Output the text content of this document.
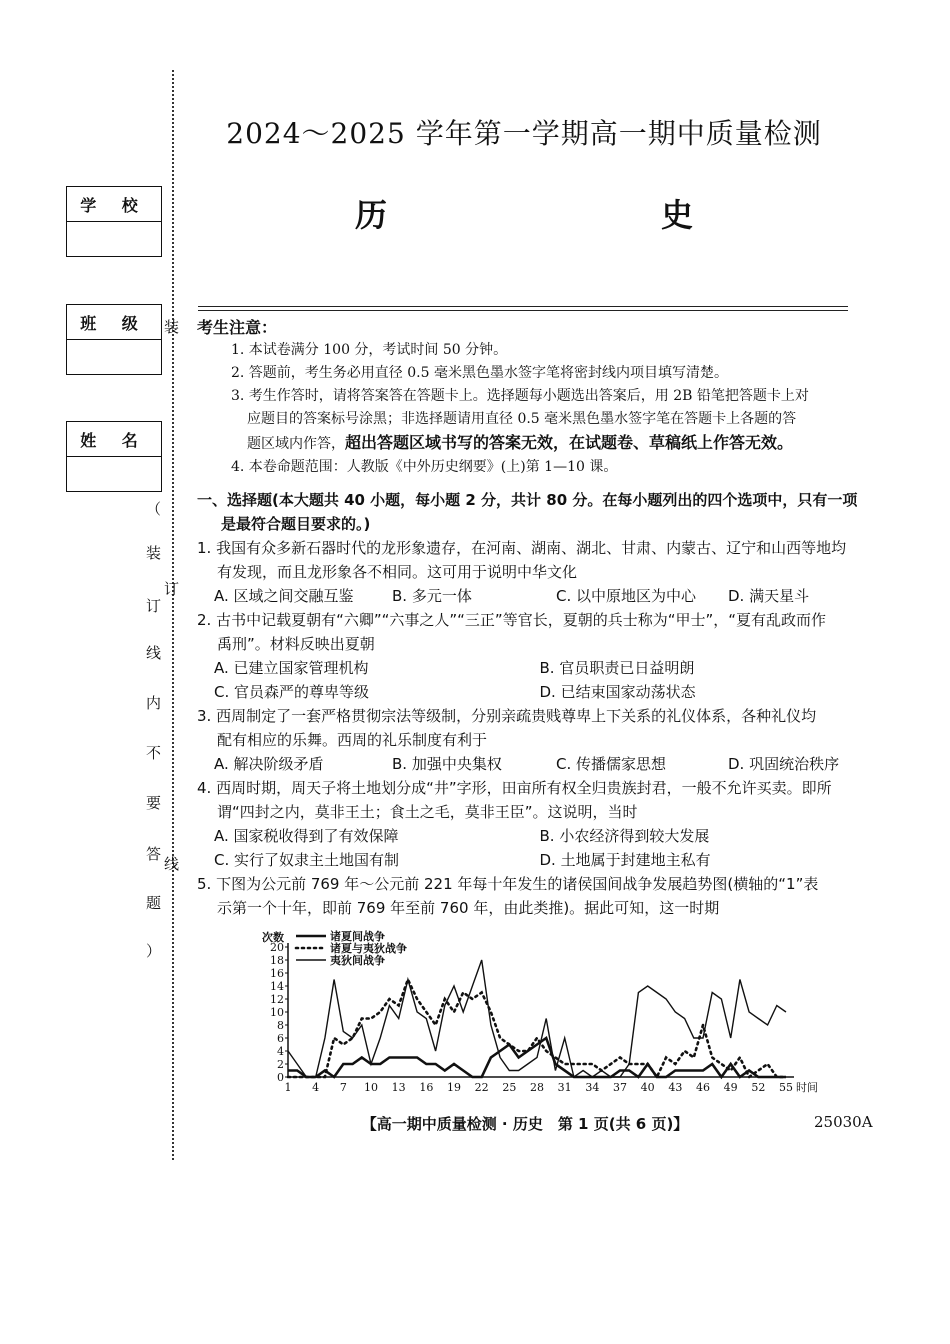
学 校
班 级
姓 名
装
订
线
（
装
订
线
内
不
要
答
题
）
2024～2025 学年第一学期高一期中质量检测
历　　史
考生注意：

1. 本试卷满分 100 分，考试时间 50 分钟。

2. 答题前，考生务必用直径 0.5 毫米黑色墨水签字笔将密封线内项目填写清楚。

3. 考生作答时，请将答案答在答题卡上。选择题每小题选出答案后，用 2B 铅笔把答题卡上对

应题目的答案标号涂黑；非选择题请用直径 0.5 毫米黑色墨水签字笔在答题卡上各题的答

题区域内作答，超出答题区域书写的答案无效，在试题卷、草稿纸上作答无效。

4. 本卷命题范围：人教版《中外历史纲要》(上)第 1—10 课。

一、选择题(本大题共 40 小题，每小题 2 分，共计 80 分。在每小题列出的四个选项中，只有一项

是最符合题目要求的。)

1. 我国有众多新石器时代的龙形象遗存，在河南、湖南、湖北、甘肃、内蒙古、辽宁和山西等地均

有发现，而且龙形象各不相同。这可用于说明中华文化

A. 区域之间交融互鉴	B. 多元一体	C. 以中原地区为中心	D. 满天星斗

2. 古书中记载夏朝有“六卿”“六事之人”“三正”等官长，夏朝的兵士称为“甲士”，“夏有乱政而作

禹刑”。材料反映出夏朝

A. 已建立国家管理机构	B. 官员职责已日益明朗
C. 官员森严的尊卑等级	D. 已结束国家动荡状态

3. 西周制定了一套严格贯彻宗法等级制，分别亲疏贵贱尊卑上下关系的礼仪体系，各种礼仪均

配有相应的乐舞。西周的礼乐制度有利于

A. 解决阶级矛盾	B. 加强中央集权	C. 传播儒家思想	D. 巩固统治秩序

4. 西周时期，周天子将土地划分成“井”字形，田亩所有权全归贵族封君，一般不允许买卖。即所

谓“四封之内，莫非王土；食土之毛，莫非王臣”。这说明，当时

A. 国家税收得到了有效保障	B. 小农经济得到较大发展
C. 实行了奴隶主土地国有制	D. 土地属于封建地主私有

5. 下图为公元前 769 年～公元前 221 年每十年发生的诸侯国间战争发展趋势图(横轴的“1”表

示第一个十年，即前 769 年至前 760 年，由此类推)。据此可知，这一时期

0
2
4
6
8
10
12
14
16
18
20
1 4 7 10 13 16 19 22 25 28 31 34 37 40 43 46 49 52 55
次数
时间
诸夏间战争
诸夏与夷狄战争
夷狄间战争
【高一期中质量检测 · 历史　第 1 页(共 6 页)】	25030A
